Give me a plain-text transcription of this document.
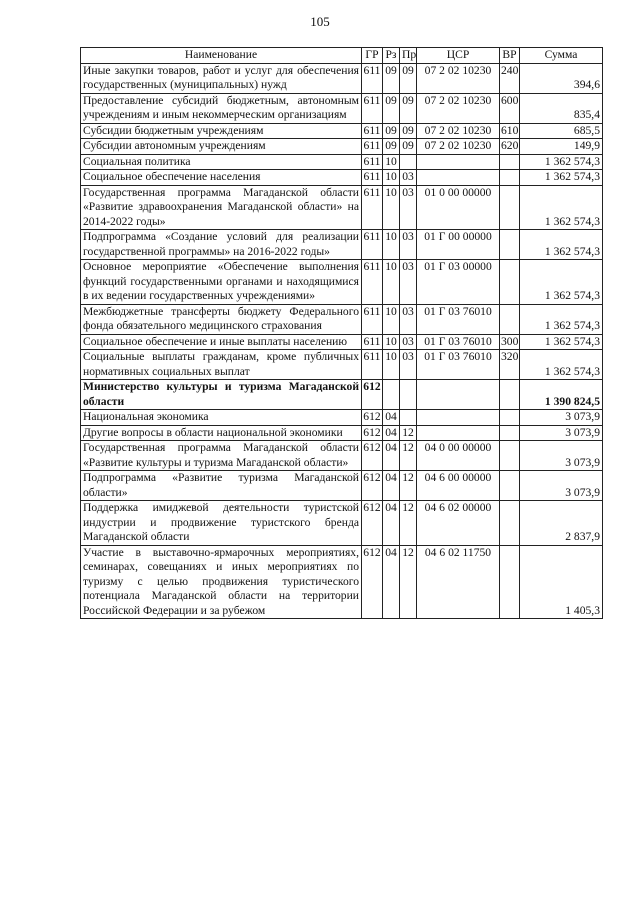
105
Наименование	ГР	Рз	Пр	ЦСР	ВР	Сумма
Иные закупки товаров, работ и услуг для обеспечения государственных (муниципальных) нужд	611	09	09	07 2 02 10230	240	394,6
Предоставление субсидий бюджетным, автономным учреждениям и иным некоммерческим организациям	611	09	09	07 2 02 10230	600	835,4
Субсидии бюджетным учреждениям	611	09	09	07 2 02 10230	610	685,5
Субсидии автономным учреждениям	611	09	09	07 2 02 10230	620	149,9
Социальная политика	611	10				1 362 574,3
Социальное обеспечение населения	611	10	03			1 362 574,3
Государственная программа Магаданской области «Развитие здравоохранения Магаданской области» на 2014-2022 годы»	611	10	03	01 0 00 00000		1 362 574,3
Подпрограмма «Создание условий для реализации государственной программы» на 2016-2022 годы»	611	10	03	01 Г 00 00000		1 362 574,3
Основное мероприятие «Обеспечение выполнения функций государственными органами и находящимися в их ведении государственных учреждениями»	611	10	03	01 Г 03 00000		1 362 574,3
Межбюджетные трансферты бюджету Федерального фонда обязательного медицинского страхования	611	10	03	01 Г 03 76010		1 362 574,3
Социальное обеспечение и иные выплаты населению	611	10	03	01 Г 03 76010	300	1 362 574,3
Социальные выплаты гражданам, кроме публичных нормативных социальных выплат	611	10	03	01 Г 03 76010	320	1 362 574,3
Министерство культуры и туризма Магаданской области	612					1 390 824,5
Национальная экономика	612	04				3 073,9
Другие вопросы в области национальной экономики	612	04	12			3 073,9
Государственная программа Магаданской области «Развитие культуры и туризма Магаданской области»	612	04	12	04 0 00 00000		3 073,9
Подпрограмма «Развитие туризма Магаданской области»	612	04	12	04 6 00 00000		3 073,9
Поддержка имиджевой деятельности туристской индустрии и продвижение туристского бренда Магаданской области	612	04	12	04 6 02 00000		2 837,9
Участие в выставочно-ярмарочных мероприятиях, семинарах, совещаниях и иных мероприятиях по туризму с целью продвижения туристического потенциала Магаданской области на территории Российской Федерации и за рубежом	612	04	12	04 6 02 11750		1 405,3
